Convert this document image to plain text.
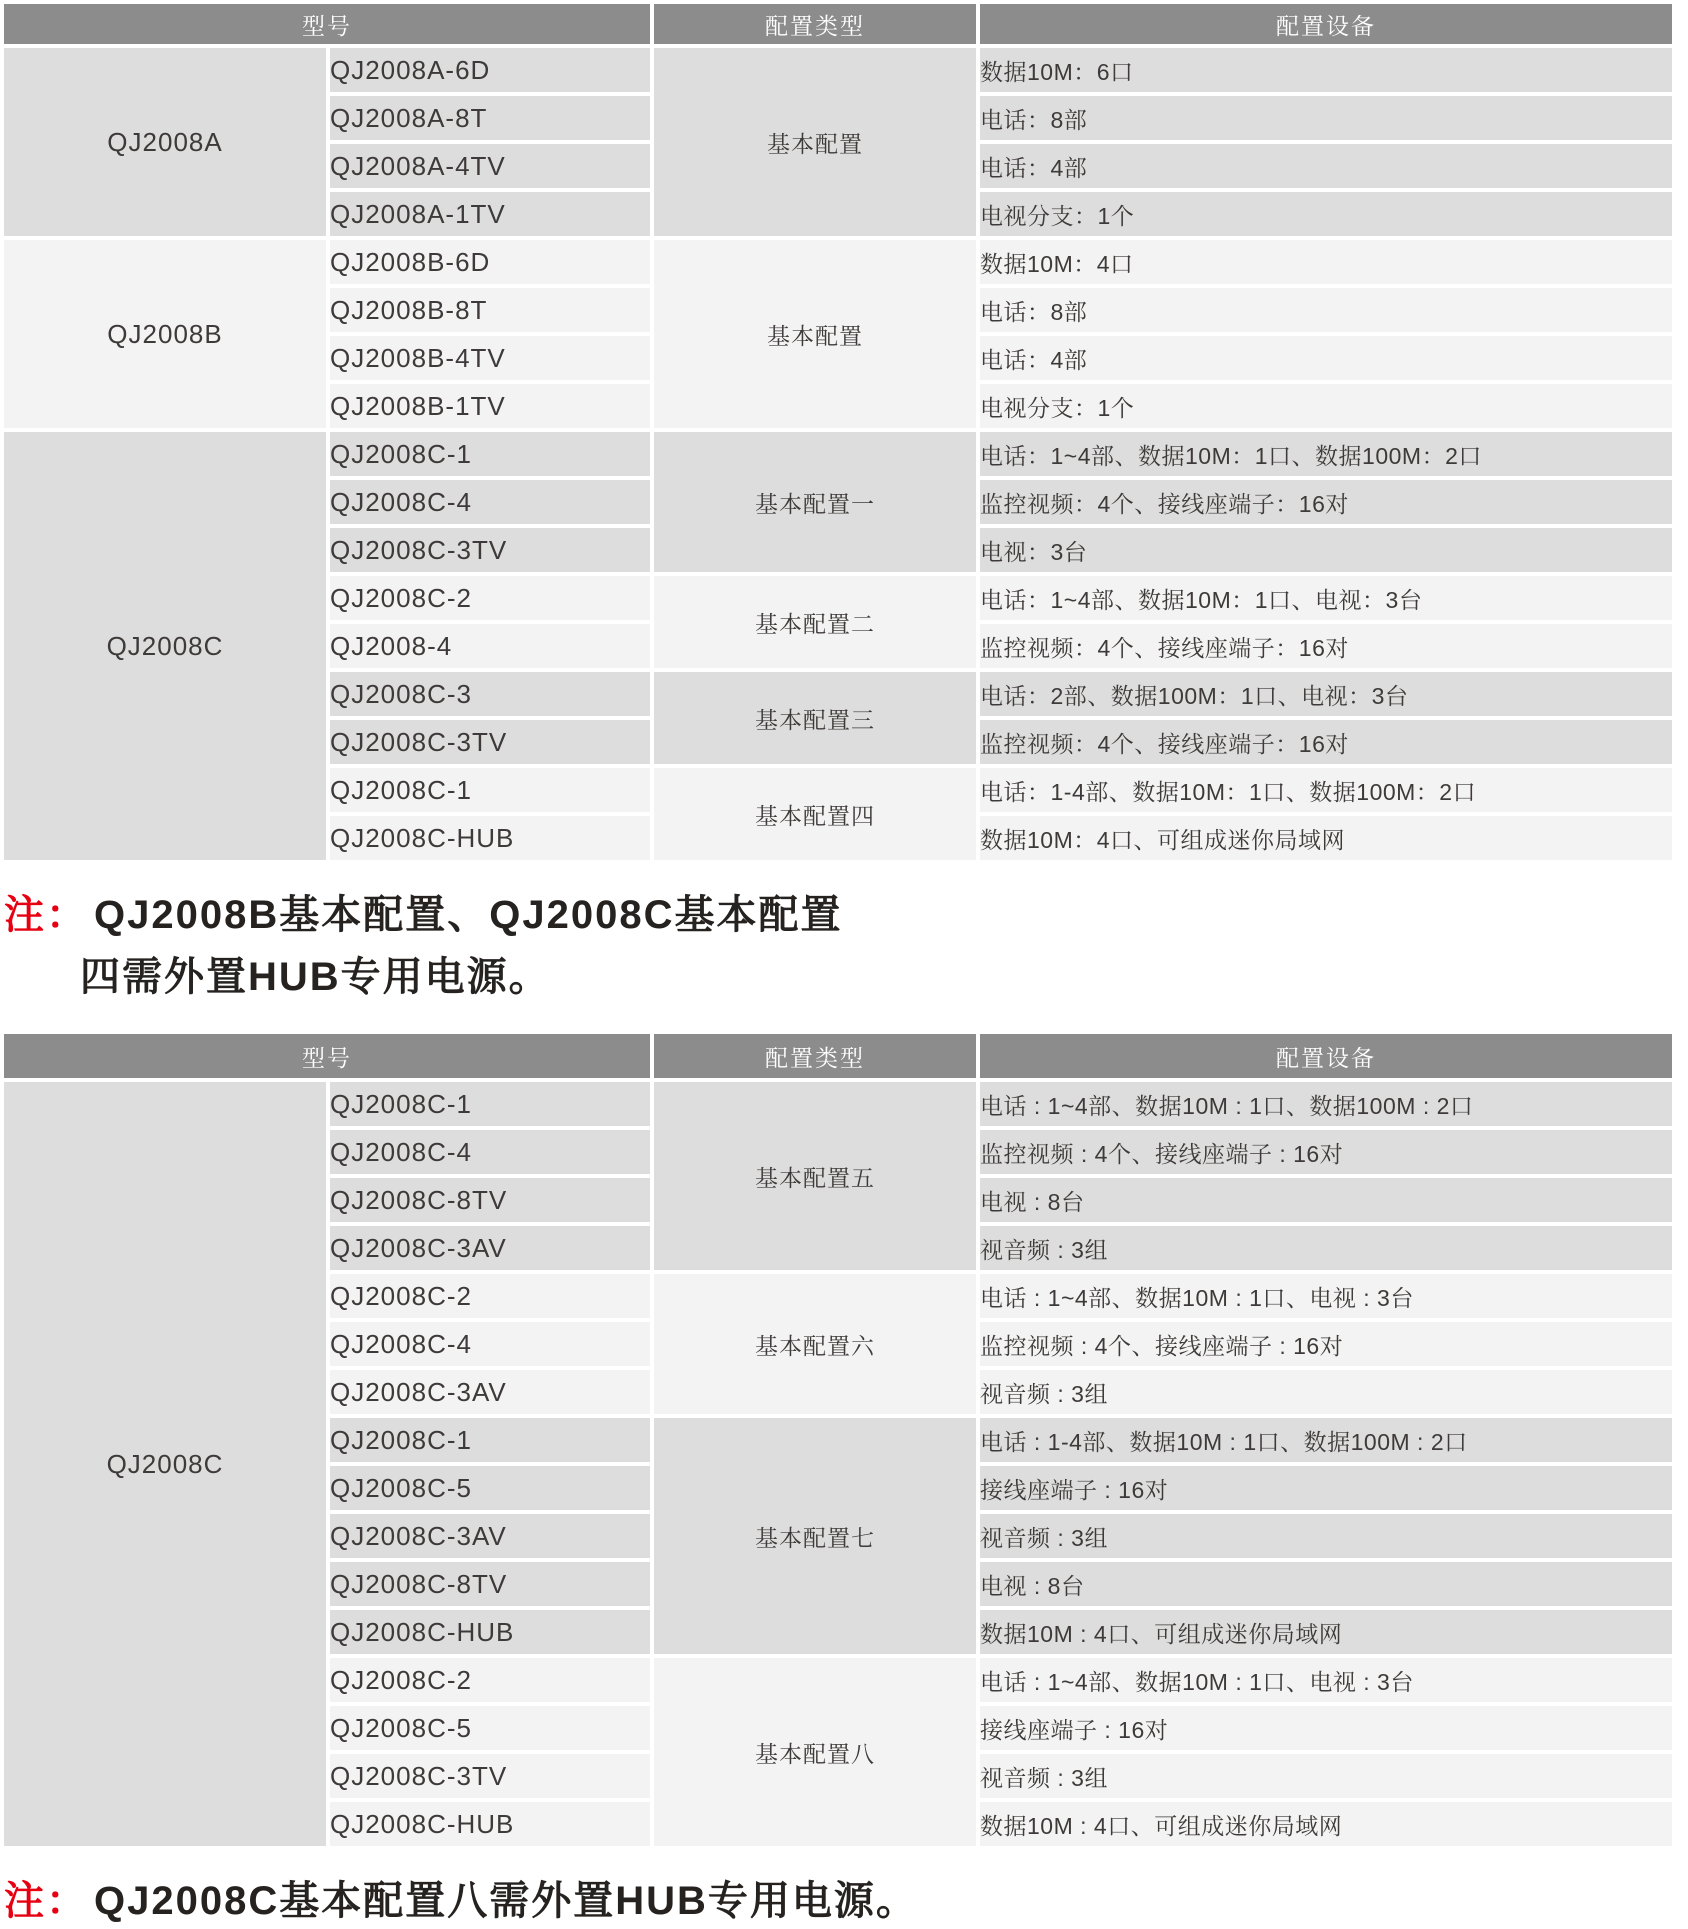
型号		配置类型	配置设备
QJ2008A	QJ2008A-6D	基本配置	数据10M：6口
	QJ2008A-8T		电话：8部
	QJ2008A-4TV		电话：4部
	QJ2008A-1TV		电视分支：1个
QJ2008B	QJ2008B-6D	基本配置	数据10M：4口
	QJ2008B-8T		电话：8部
	QJ2008B-4TV		电话：4部
	QJ2008B-1TV		电视分支：1个
QJ2008C	QJ2008C-1	基本配置一	电话：1~4部、数据10M：1口、数据100M：2口
	QJ2008C-4		监控视频：4个、接线座端子：16对
	QJ2008C-3TV		电视：3台
	QJ2008C-2	基本配置二	电话：1~4部、数据10M：1口、电视：3台
	QJ2008-4		监控视频：4个、接线座端子：16对
	QJ2008C-3	基本配置三	电话：2部、数据100M：1口、电视：3台
	QJ2008C-3TV		监控视频：4个、接线座端子：16对
	QJ2008C-1	基本配置四	电话：1-4部、数据10M：1口、数据100M：2口
	QJ2008C-HUB		数据10M：4口、可组成迷你局域网
注： QJ2008B基本配置、QJ2008C基本配置
四需外置HUB专用电源。
型号		配置类型	配置设备
QJ2008C	QJ2008C-1	基本配置五	电话 : 1~4部、数据10M : 1口、数据100M : 2口
	QJ2008C-4		监控视频 : 4个、接线座端子 : 16对
	QJ2008C-8TV		电视 : 8台
	QJ2008C-3AV		视音频 : 3组
	QJ2008C-2	基本配置六	电话 : 1~4部、数据10M : 1口、电视 : 3台
	QJ2008C-4		监控视频 : 4个、接线座端子 : 16对
	QJ2008C-3AV		视音频 : 3组
	QJ2008C-1	基本配置七	电话 : 1-4部、数据10M : 1口、数据100M : 2口
	QJ2008C-5		接线座端子 : 16对
	QJ2008C-3AV		视音频 : 3组
	QJ2008C-8TV		电视 : 8台
	QJ2008C-HUB		数据10M : 4口、可组成迷你局域网
	QJ2008C-2	基本配置八	电话 : 1~4部、数据10M : 1口、电视 : 3台
	QJ2008C-5		接线座端子 : 16对
	QJ2008C-3TV		视音频 : 3组
	QJ2008C-HUB		数据10M : 4口、可组成迷你局域网
注： QJ2008C基本配置八需外置HUB专用电源。
